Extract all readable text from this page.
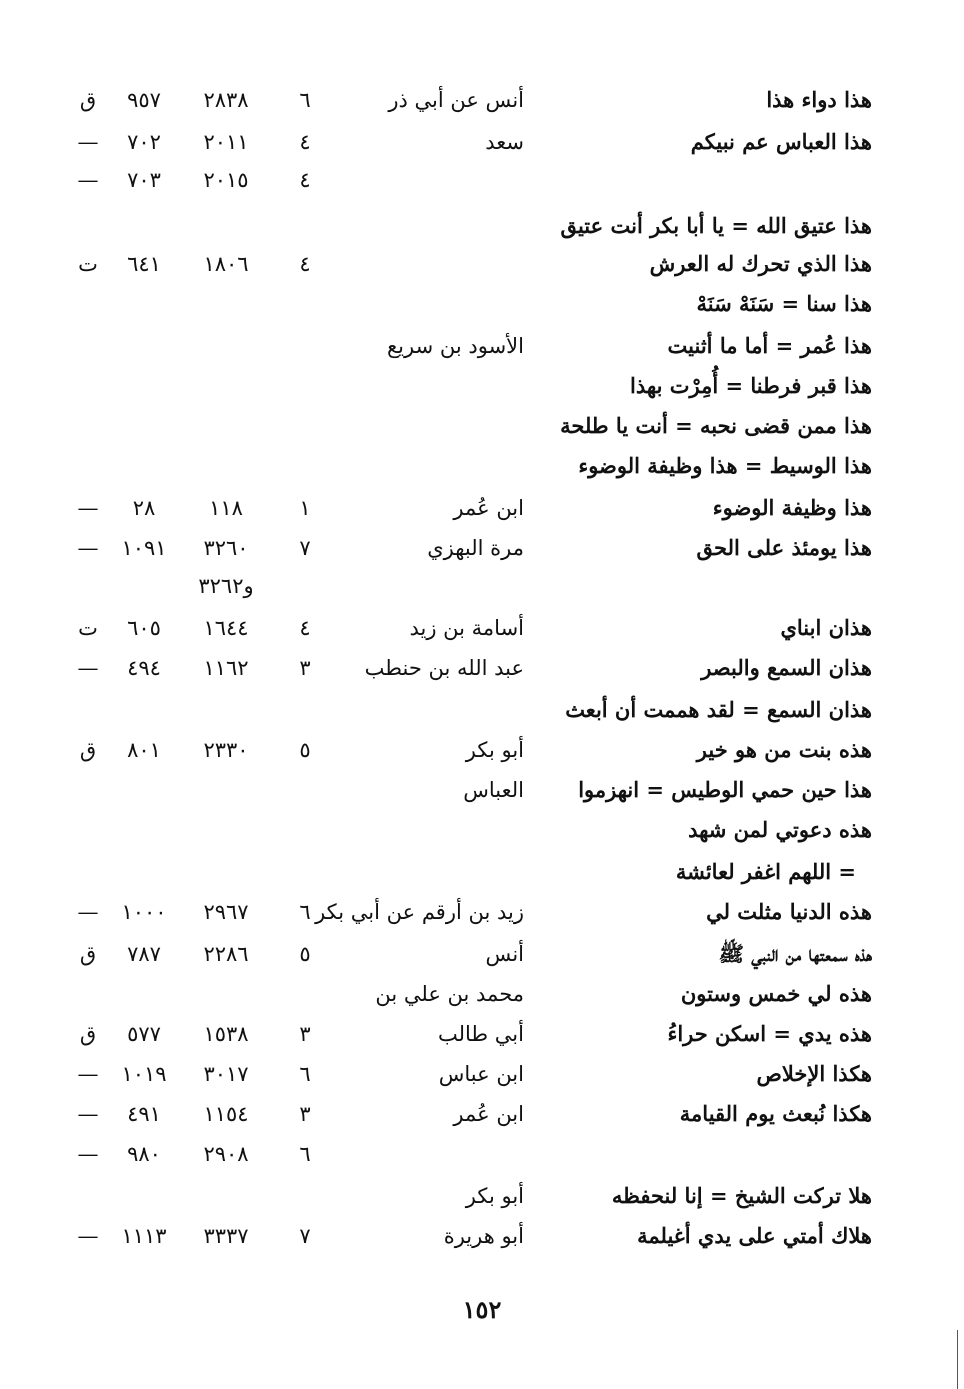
هذا دواء هذا
أنس عن أبي ذر
٦
٢٨٣٨
٩٥٧
ق
هذا العباس عم نبيكم
سعد
٤
٢٠١١
٧٠٢
—
٤
٢٠١٥
٧٠٣
—
هذا عتيق الله = يا أبا بكر أنت عتيق
هذا الذي تحرك له العرش
٤
١٨٠٦
٦٤١
ت
هذا سنا = سَنَهْ سَنَهْ
هذا عُمر = أما ما أثنيت
الأسود بن سريع
هذا قبر فرطنا = أُمِرْت بهذا
هذا ممن قضى نحبه = أنت يا طلحة
هذا الوسيط = هذا وظيفة الوضوء
هذا وظيفة الوضوء
ابن عُمر
١
١١٨
٢٨
—
هذا يومئذ على الحق
مرة البهزي
٧
٣٢٦٠
١٠٩١
—
و٣٢٦٢
هذان ابناي
أسامة بن زيد
٤
١٦٤٤
٦٠٥
ت
هذان السمع والبصر
عبد الله بن حنطب
٣
١١٦٢
٤٩٤
—
هذان السمع = لقد هممت أن أبعث
هذه بنت من هو خير
أبو بكر
٥
٢٣٣٠
٨٠١
ق
هذا حين حمي الوطيس = انهزموا
العباس
هذه دعوتي لمن شهد
= اللهم اغفر لعائشة
هذه الدنيا مثلت لي
زيد بن أرقم عن أبي بكر
٦
٢٩٦٧
١٠٠٠
—
هذه سمعتها من النبي ﷺ
أنس
٥
٢٢٨٦
٧٨٧
ق
هذه لي خمس وستون
محمد بن علي بن
هذه يدي = اسكن حراءُ
أبي طالب
٣
١٥٣٨
٥٧٧
ق
هكذا الإخلاص
ابن عباس
٦
٣٠١٧
١٠١٩
—
هكذا نُبعث يوم القيامة
ابن عُمر
٣
١١٥٤
٤٩١
—
٦
٢٩٠٨
٩٨٠
—
هلا تركت الشيخ = إنا لنحفظه
أبو بكر
هلاك أمتي على يدي أغيلمة
أبو هريرة
٧
٣٣٣٧
١١١٣
—
١٥٢
